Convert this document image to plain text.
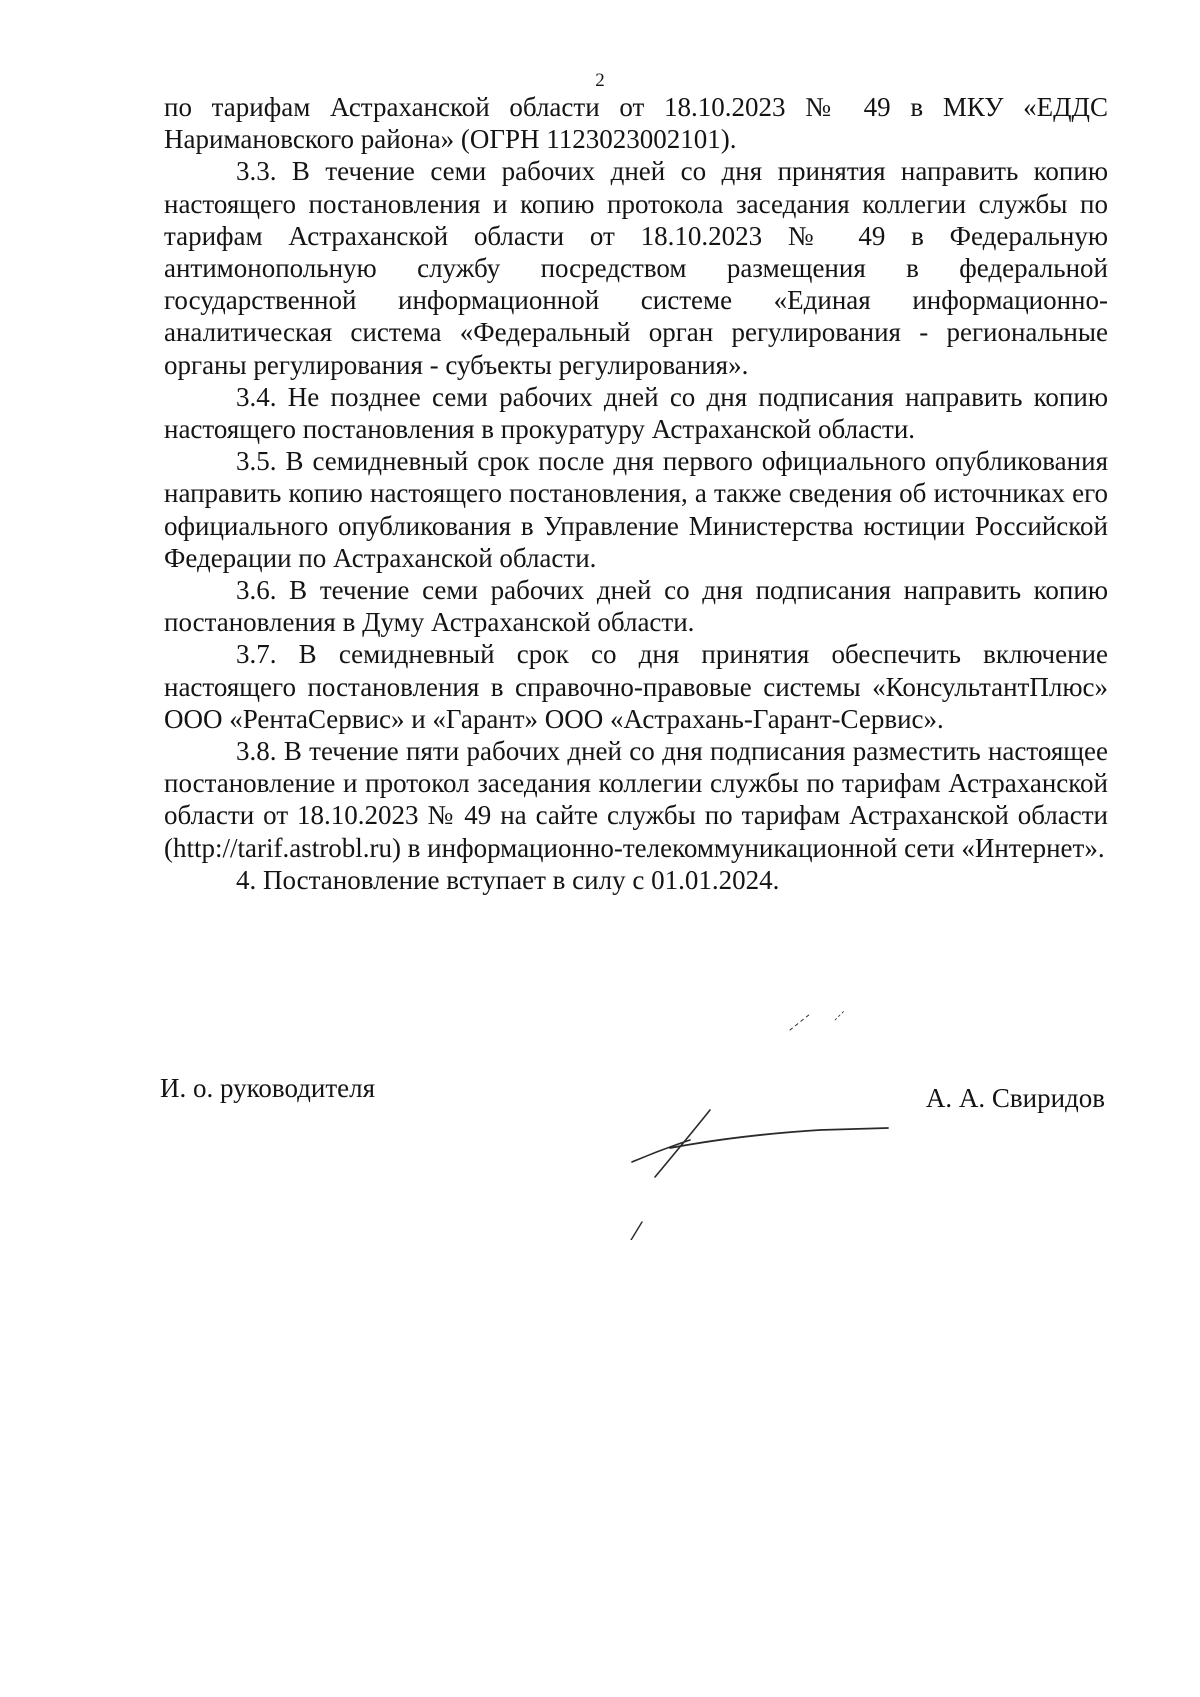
2

по тарифам Астраханской области от 18.10.2023 № 49 в МКУ «ЕДДС Наримановского района» (ОГРН 1123023002101).

3.3. В течение семи рабочих дней со дня принятия направить копию настоящего постановления и копию протокола заседания коллегии службы по тарифам Астраханской области от 18.10.2023 № 49 в Федеральную антимонопольную службу посредством размещения в федеральной государственной информационной системе «Единая информационно-аналитическая система «Федеральный орган регулирования - региональные органы регулирования - субъекты регулирования».

3.4. Не позднее семи рабочих дней со дня подписания направить копию настоящего постановления в прокуратуру Астраханской области.

3.5. В семидневный срок после дня первого официального опубликования направить копию настоящего постановления, а также сведения об источниках его официального опубликования в Управление Министерства юстиции Российской Федерации по Астраханской области.

3.6. В течение семи рабочих дней со дня подписания направить копию постановления в Думу Астраханской области.

3.7. В семидневный срок со дня принятия обеспечить включение настоящего постановления в справочно-правовые системы «КонсультантПлюс» ООО «РентаСервис» и «Гарант» ООО «Астрахань-Гарант-Сервис».

3.8. В течение пяти рабочих дней со дня подписания разместить настоящее постановление и протокол заседания коллегии службы по тарифам Астраханской области от 18.10.2023 № 49 на сайте службы по тарифам Астраханской области (http://tarif.astrobl.ru) в информационно-телекоммуникационной сети «Интернет».

4. Постановление вступает в силу с 01.01.2024.

И. о. руководителя	А. А. Свиридов
